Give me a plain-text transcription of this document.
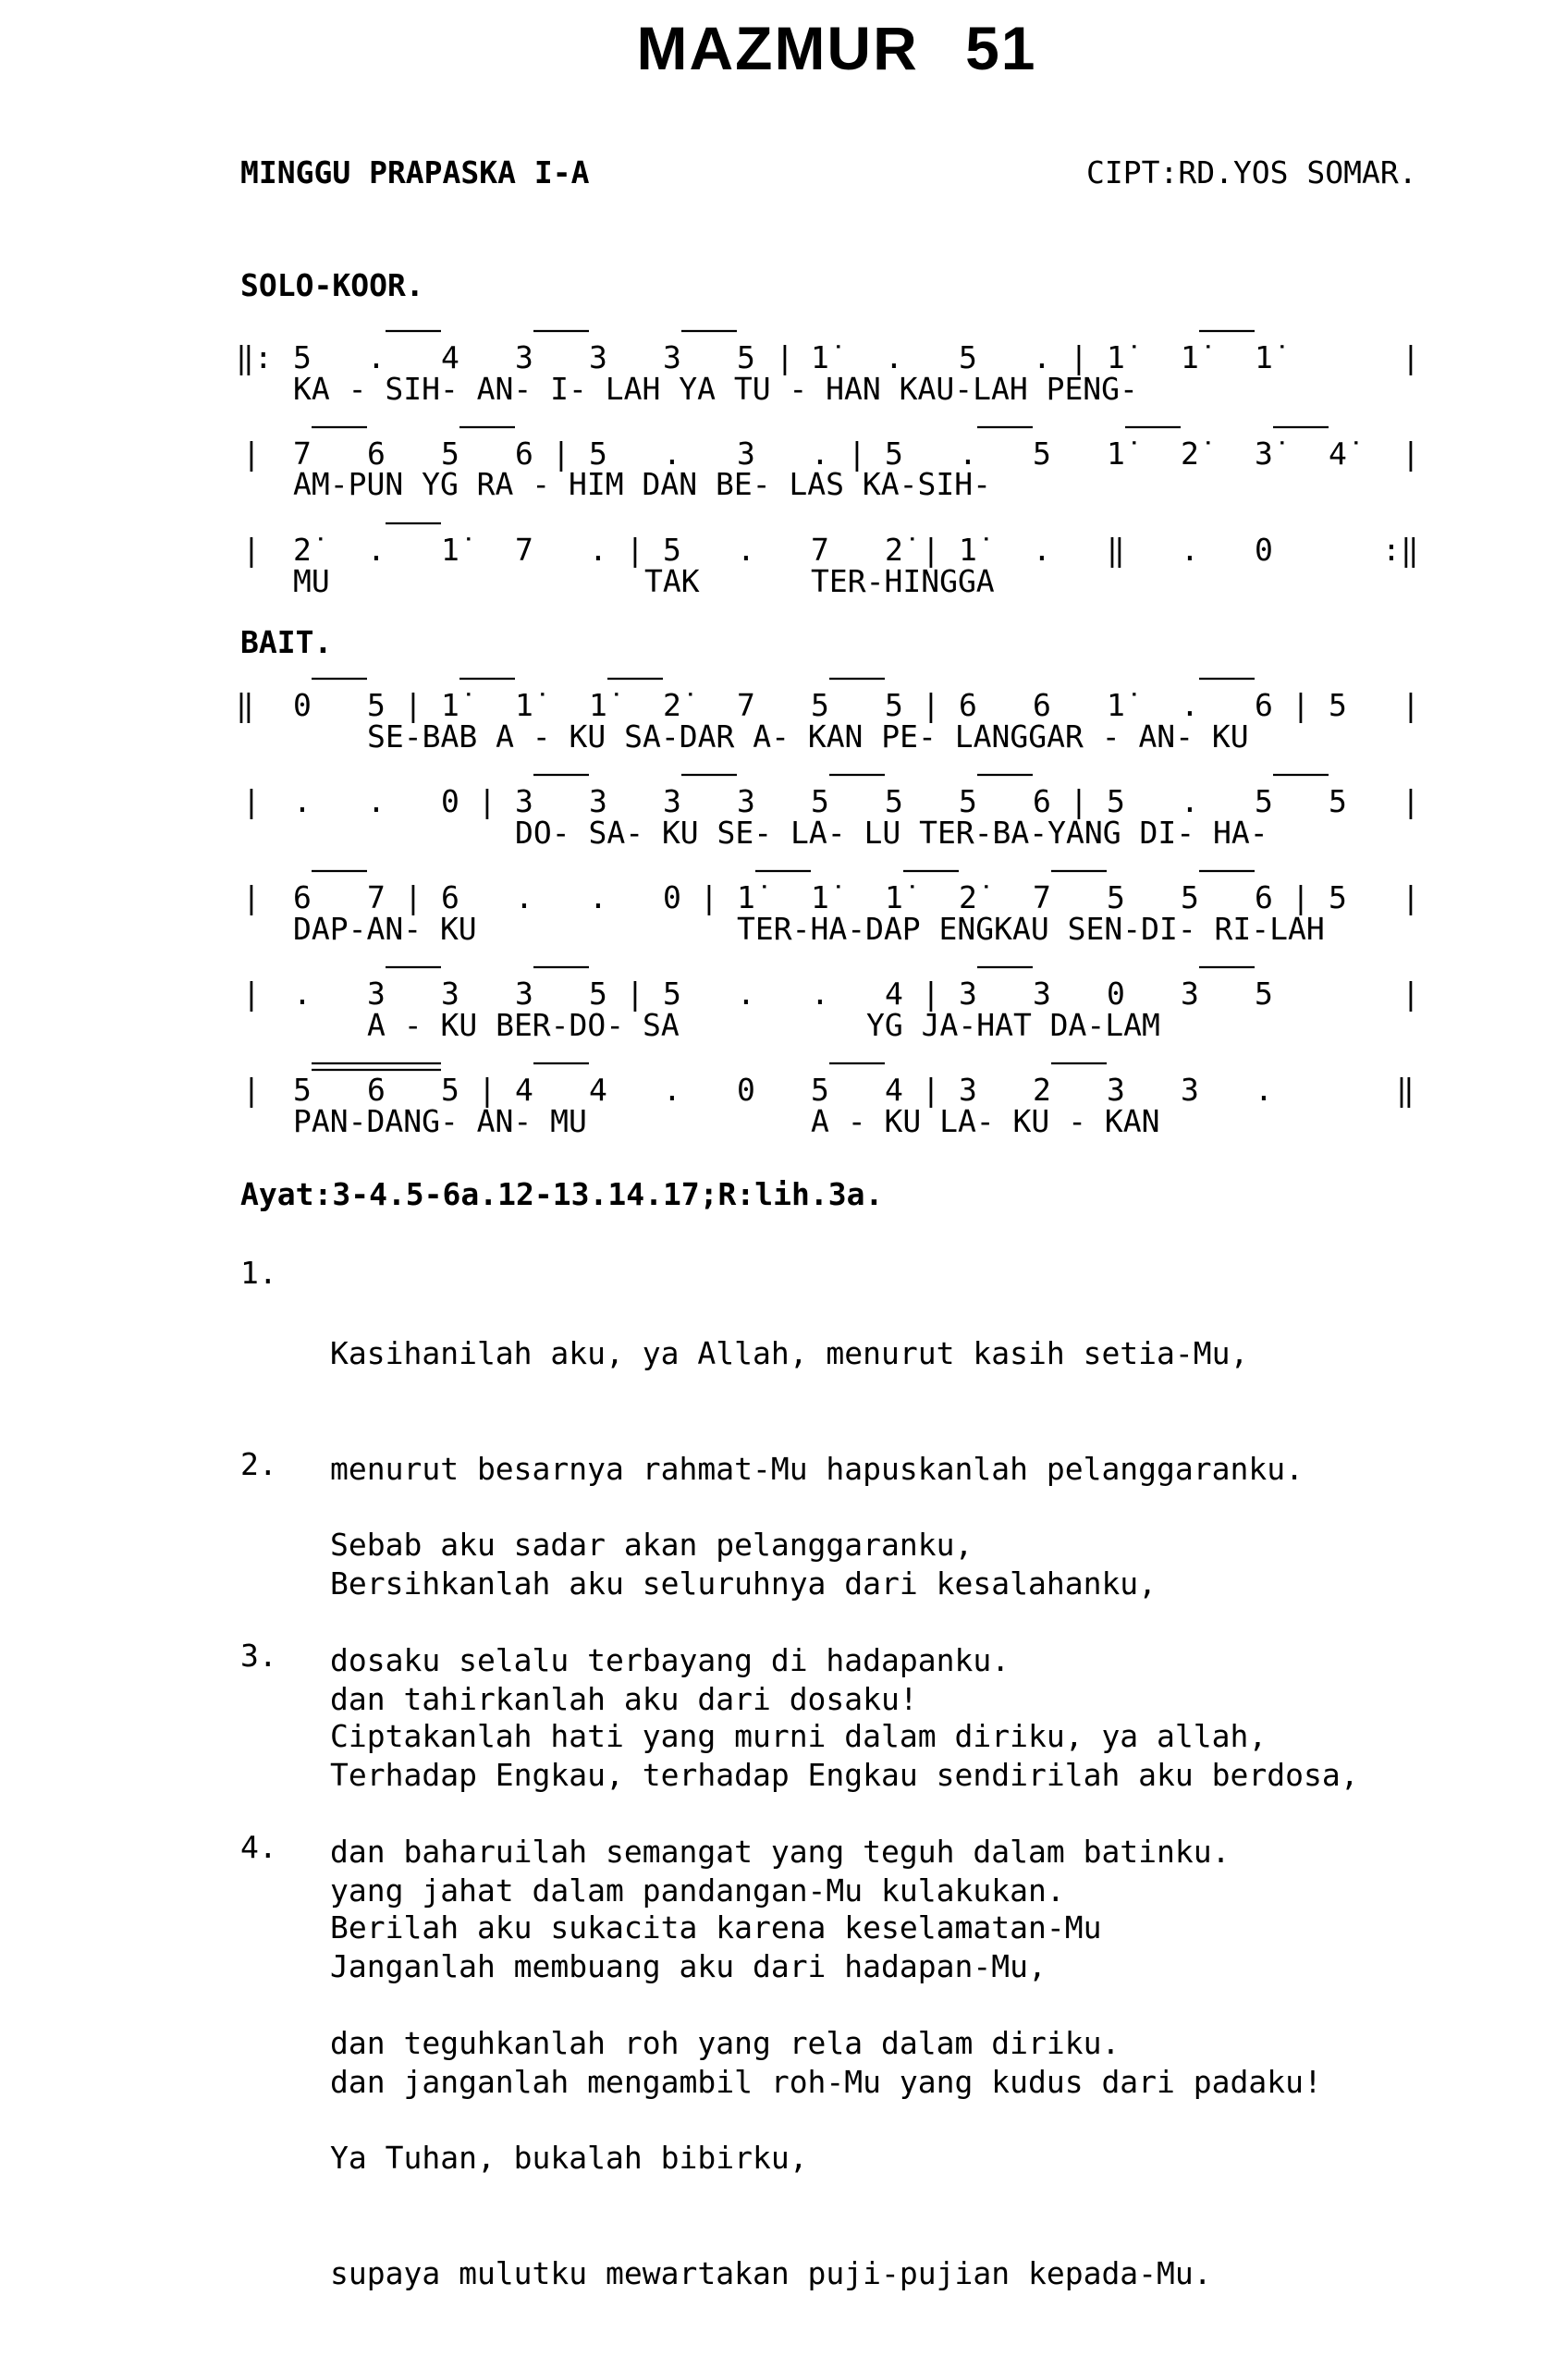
MAZMUR 51
MINGGU PRAPASKA I-A	CIPT:RD.YOS SOMAR.
SOLO-KOOR.
‖: 5 . 4 3 3 3 5 | 1̇	. 5 . | 1̇	1̇	1̇	|
KA - SIH- AN- I- LAH YA TU - HAN KAU-LAH PENG-
| 7 6 5 6 | 5 . 3 . | 5 . 5 1̇	2̇	3̇	4̇	|
AM-PUN YG RA - HIM DAN BE- LAS KA-SIH-
| 2̇	. 1̇	7 . | 5 . 7 2̇ | 1̇	. ‖ . 0	:‖
MU	TAK	TER-HINGGA
BAIT.
‖ 0 5 | 1̇	1̇	1̇	2̇	7 5 5 | 6 6 1̇	. 6 | 5 |
SE-BAB A - KU SA-DAR A- KAN PE- LANGGAR - AN- KU
| . . 0 | 3 3 3 3 5 5 5 6 | 5 . 5 5 |
DO- SA- KU SE- LA- LU TER-BA-YANG DI- HA-
| 6 7 | 6 . . 0 | 1̇	1̇	1̇	2̇	7 5 5 6 | 5 |
DAP-AN- KU	TER-HA-DAP ENGKAU SEN-DI- RI-LAH
| . 3 3 3 5 | 5 . . 4 | 3 3 0 3 5	|
A - KU BER-DO- SA	YG JA-HAT DA-LAM
| 5 6 5 | 4 4 . 0 5 4 | 3 2 3 3 .	‖
PAN-DANG- AN- MU	A - KU LA- KU - KAN
Ayat:3-4.5-6a.12-13.14.17;R:lih.3a.
1.

Kasihanilah aku, ya Allah, menurut kasih setia-Mu,

menurut besarnya rahmat-Mu hapuskanlah pelanggaranku.

Bersihkanlah aku seluruhnya dari kesalahanku,

dan tahirkanlah aku dari dosaku!

2.

Sebab aku sadar akan pelanggaranku,

dosaku selalu terbayang di hadapanku.

Terhadap Engkau, terhadap Engkau sendirilah aku berdosa,

yang jahat dalam pandangan-Mu kulakukan.

3.

Ciptakanlah hati yang murni dalam diriku, ya allah,

dan baharuilah semangat yang teguh dalam batinku.

Janganlah membuang aku dari hadapan-Mu,

dan janganlah mengambil roh-Mu yang kudus dari padaku!

4.

Berilah aku sukacita karena keselamatan-Mu

dan teguhkanlah roh yang rela dalam diriku.

Ya Tuhan, bukalah bibirku,

supaya mulutku mewartakan puji-pujian kepada-Mu.
